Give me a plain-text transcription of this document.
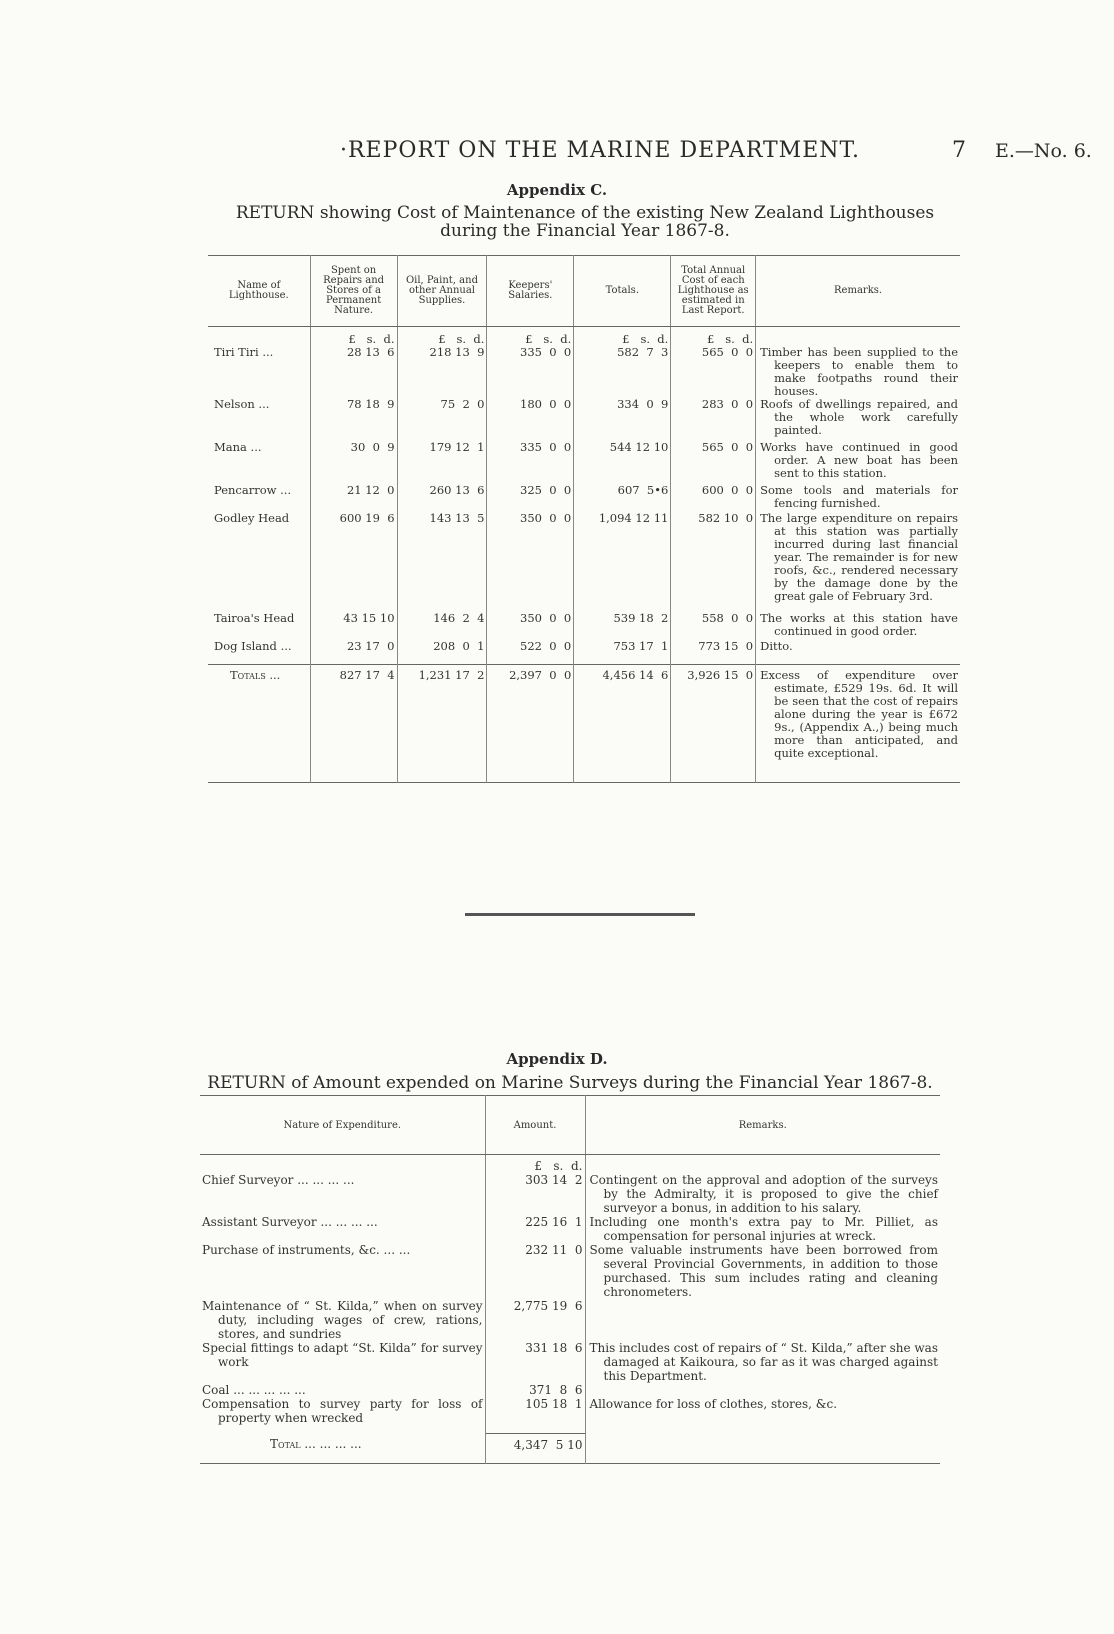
·REPORT ON THE MARINE DEPARTMENT.	7 E.—No. 6.
Appendix C.
RETURN showing Cost of Maintenance of the existing New Zealand Lighthouses during the Financial Year 1867-8.
Name of Lighthouse.	Spent on Repairs and Stores of a Permanent Nature.	Oil, Paint, and other Annual Supplies.	Keepers' Salaries.	Totals.	Total Annual Cost of each Lighthouse as estimated in Last Report.	Remarks.
	£   s.  d.	£   s.  d.	£   s.  d.	£   s.  d.	£   s.  d.	
Tiri Tiri ...	28 13  6	218 13  9	335  0  0	582  7  3	565  0  0	Timber has been supplied to the keepers to enable them to make footpaths round their houses.
Nelson ...	78 18  9	75  2  0	180  0  0	334  0  9	283  0  0	Roofs of dwellings repaired, and the whole work carefully painted.
Mana ...	30  0  9	179 12  1	335  0  0	544 12 10	565  0  0	Works have continued in good order. A new boat has been sent to this station.
Pencarrow ...	21 12  0	260 13  6	325  0  0	607  5•6	600  0  0	Some tools and materials for fencing furnished.
Godley Head	600 19  6	143 13  5	350  0  0	1,094 12 11	582 10  0	The large expenditure on repairs at this station was partially incurred during last financial year. The remainder is for new roofs, &c., rendered necessary by the damage done by the great gale of February 3rd.
Tairoa's Head	43 15 10	146  2  4	350  0  0	539 18  2	558  0  0	The works at this station have continued in good order.
Dog Island ...	23 17  0	208  0  1	522  0  0	753 17  1	773 15  0	Ditto.
Totals ...	827 17  4	1,231 17  2	2,397  0  0	4,456 14  6	3,926 15  0	Excess of expenditure over estimate, £529 19s. 6d. It will be seen that the cost of repairs alone during the year is £672 9s., (Appendix A.,) being much more than anticipated, and quite exceptional.
Appendix D.
RETURN of Amount expended on Marine Surveys during the Financial Year 1867-8.
Nature of Expenditure.	Amount.	Remarks.
	£   s.  d.	
Chief Surveyor ... ... ... ...	303 14  2	Contingent on the approval and adoption of the surveys by the Admiralty, it is proposed to give the chief surveyor a bonus, in addition to his salary.
Assistant Surveyor ... ... ... ...	225 16  1	Including one month's extra pay to Mr. Pilliet, as compensation for personal injuries at wreck.
Purchase of instruments, &c. ... ...	232 11  0	Some valuable instruments have been borrowed from several Provincial Governments, in addition to those purchased. This sum includes rating and cleaning chronometers.
Maintenance of “ St. Kilda,” when on survey duty, including wages of crew, rations, stores, and sundries	2,775 19  6	
Special fittings to adapt “St. Kilda” for survey work	331 18  6	This includes cost of repairs of “ St. Kilda,” after she was damaged at Kaikoura, so far as it was charged against this Department.
Coal ... ... ... ... ...	371  8  6	
Compensation to survey party for loss of property when wrecked	105 18  1	Allowance for loss of clothes, stores, &c.
Total ... ... ... ...	4,347  5 10	
